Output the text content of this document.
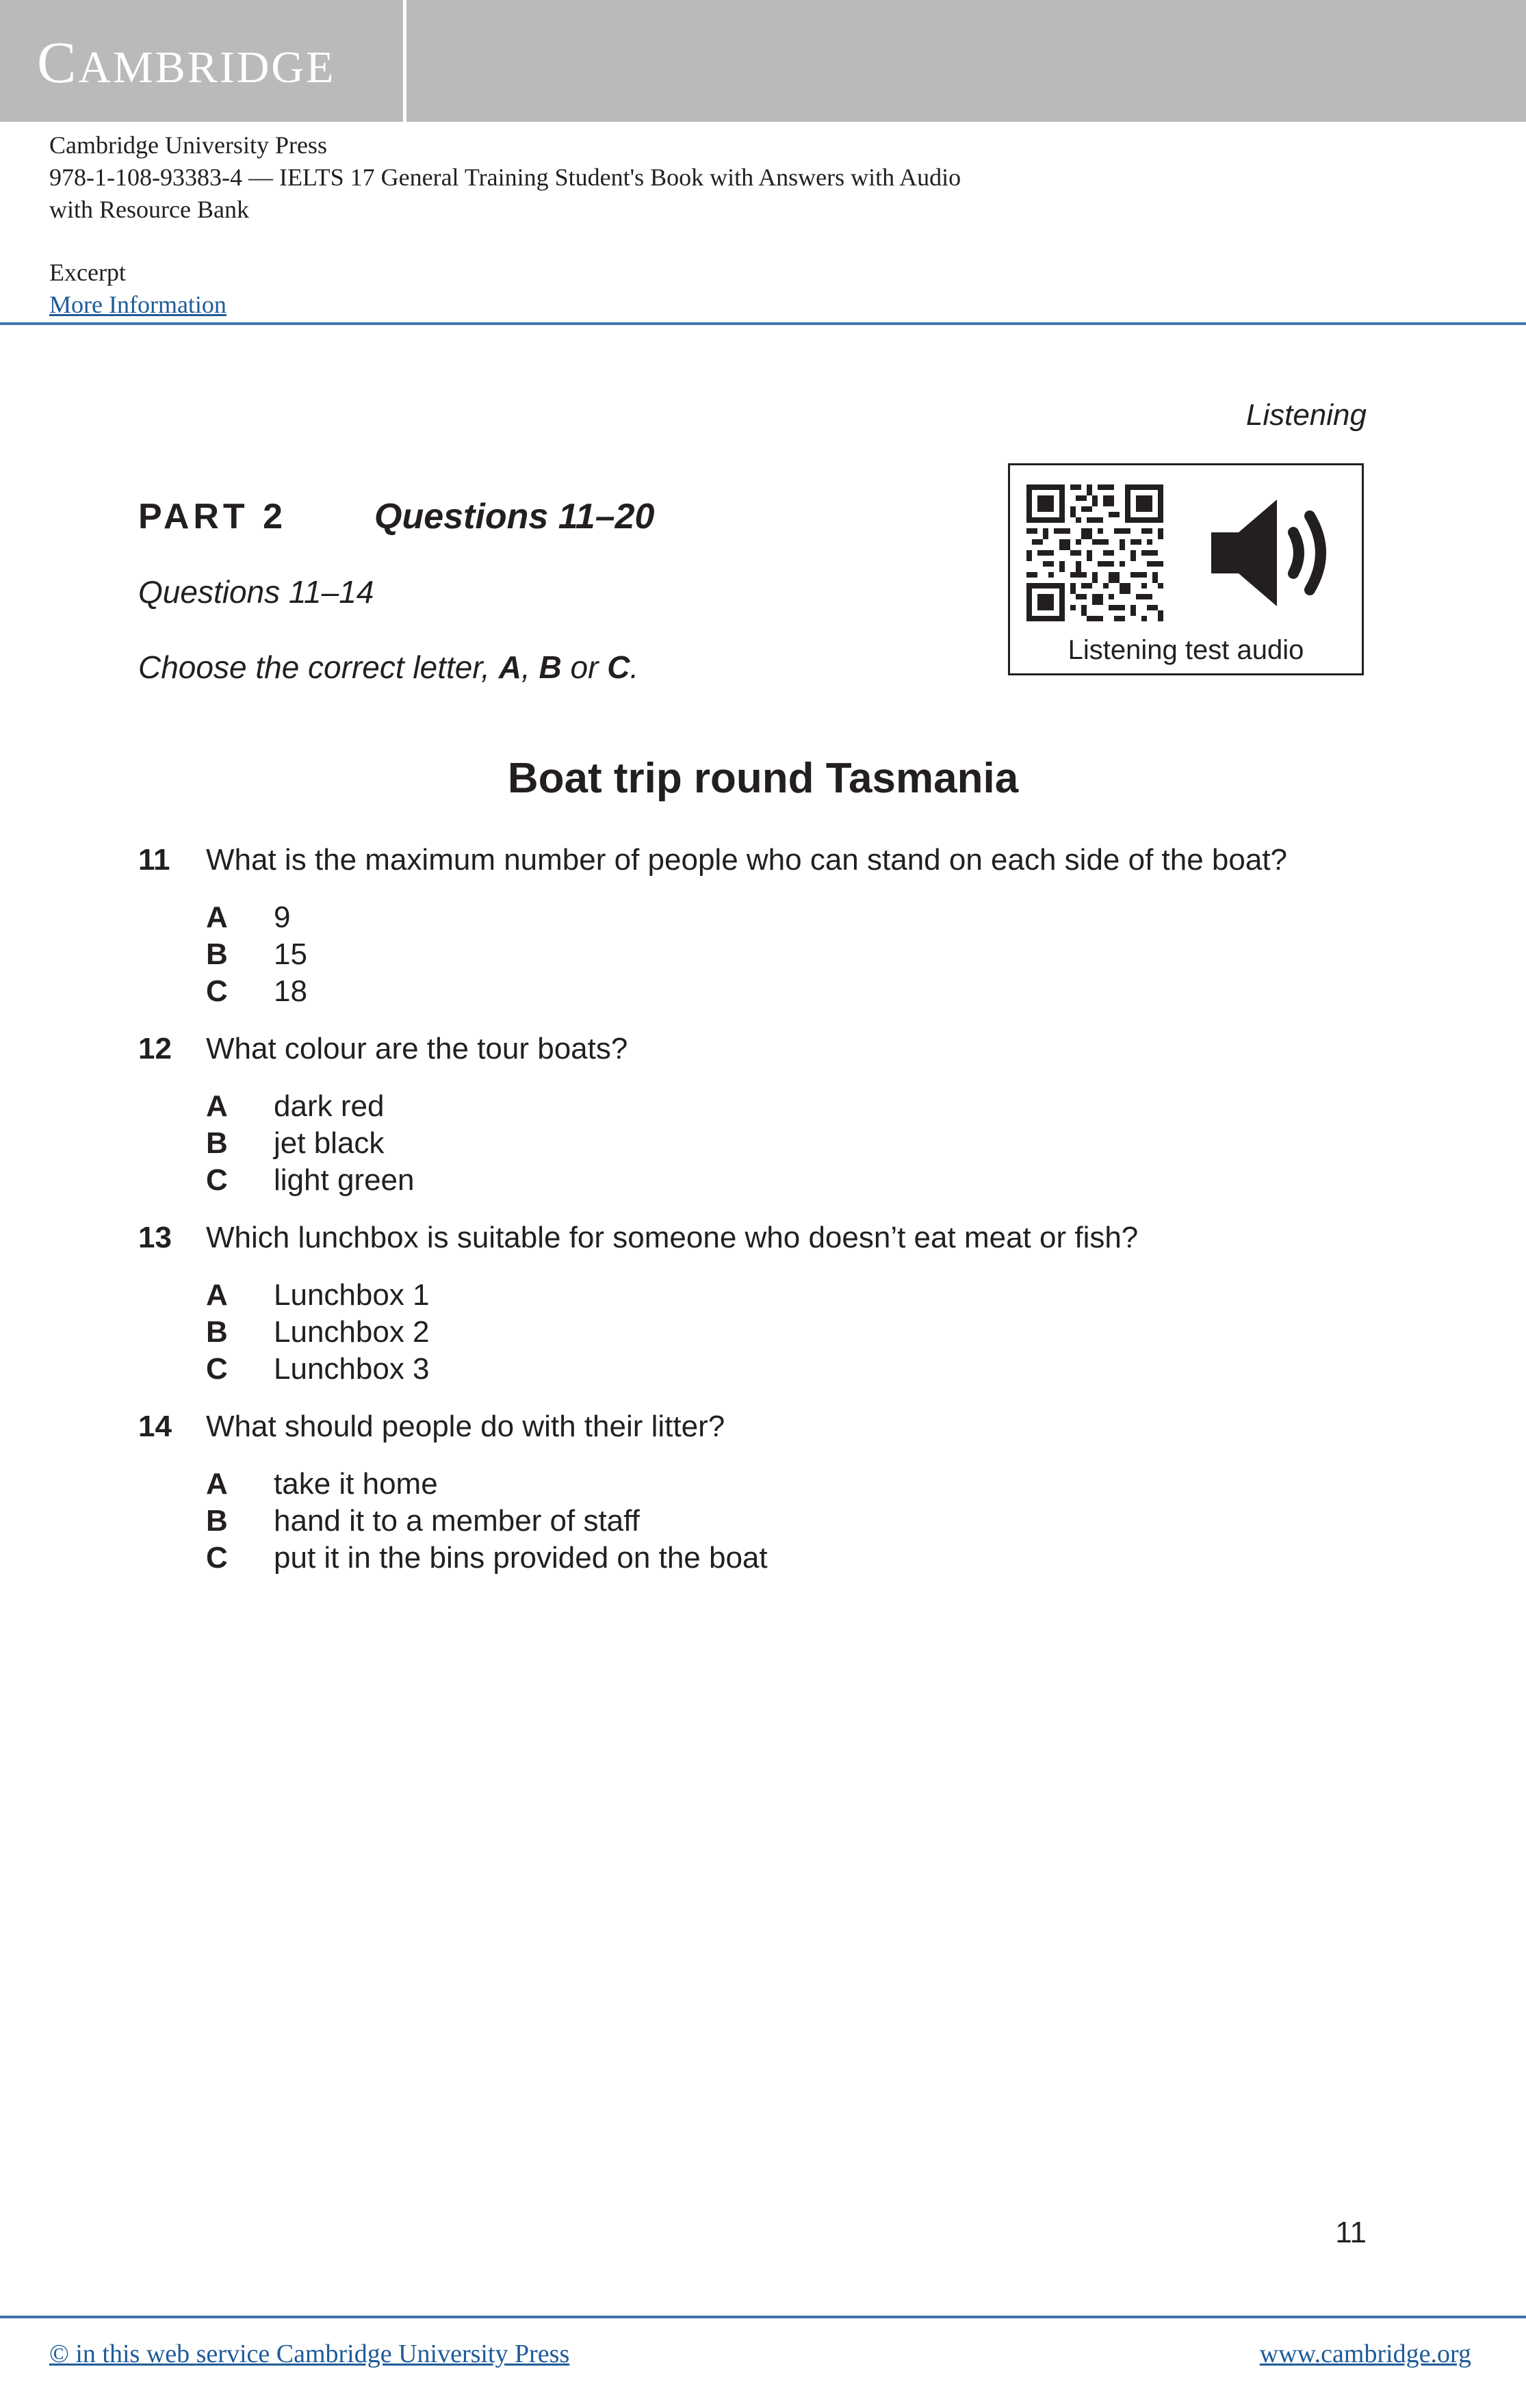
CAMBRIDGE
Cambridge University Press
978-1-108-93383-4 — IELTS 17 General Training Student's Book with Answers with Audio
with Resource Bank
Excerpt
More Information
Listening
PART 2 Questions 11–20
Questions 11–14
Choose the correct letter, A, B or C.	Listening test audio
Boat trip round Tasmania
11 What is the maximum number of people who can stand on each side of the boat?
A 9
B 15
C 18
12 What colour are the tour boats?
A dark red
B jet black
C light green
13 Which lunchbox is suitable for someone who doesn’t eat meat or fish?
A Lunchbox 1
B Lunchbox 2
C Lunchbox 3
14 What should people do with their litter?
A take it home
B hand it to a member of staff
C put it in the bins provided on the boat
11
© in this web service Cambridge University Press	www.cambridge.org
